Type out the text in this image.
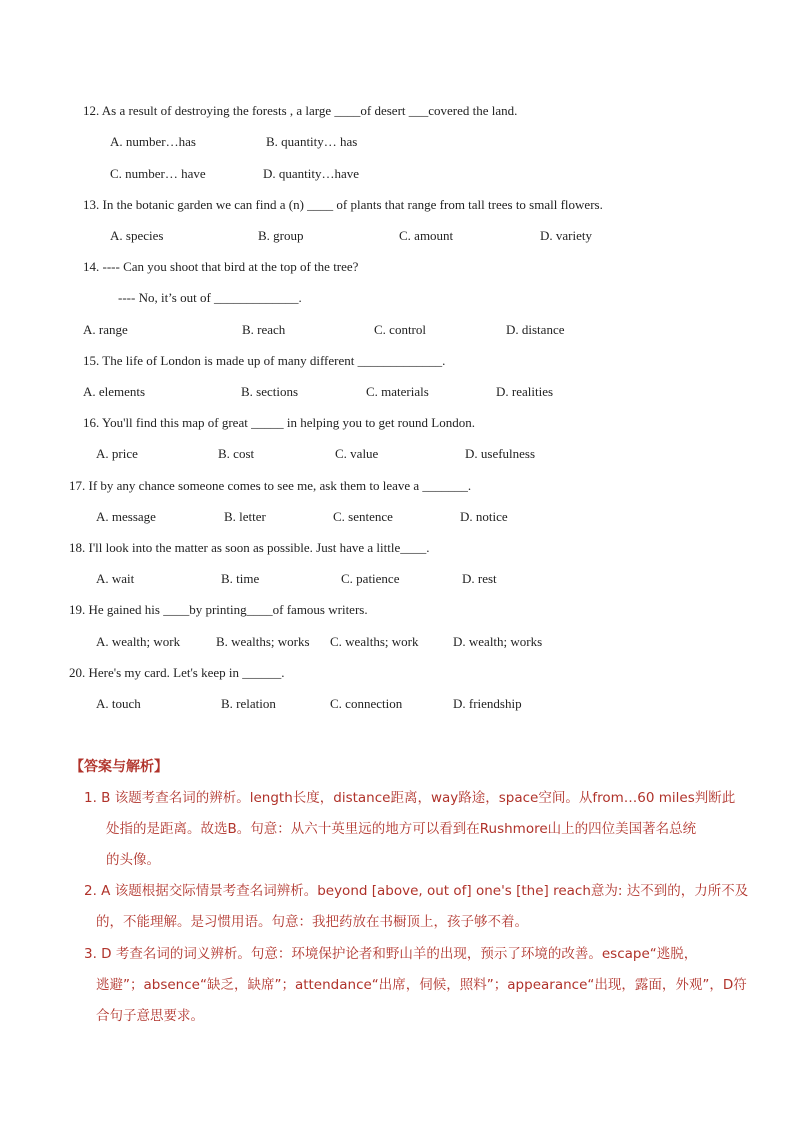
12. As a result of destroying the forests , a large ____of desert ___covered the land.
A. number…has	B. quantity… has
C. number… have	D. quantity…have
13. In the botanic garden we can find a (n) ____ of plants that range from tall trees to small flowers.
A. species	B. group	C. amount	D. variety
14. ---- Can you shoot that bird at the top of the tree?
---- No, it’s out of _____________.
A. range	B. reach	C. control	D. distance
15. The life of London is made up of many different _____________.
A. elements	B. sections	C. materials	D. realities
16. You'll find this map of great _____ in helping you to get round London.
A. price	B. cost	C. value	D. usefulness
17. If by any chance someone comes to see me, ask them to leave a _______.
A. message	B. letter	C. sentence	D. notice
18. I'll look into the matter as soon as possible. Just have a little____.
A. wait	B. time	C. patience	D. rest
19. He gained his ____by printing____of famous writers.
A. wealth; work	B. wealths; works C. wealths; work	D. wealth; works
20. Here's my card. Let's keep in ______.
A. touch	B. relation	C. connection	D. friendship
【答案与解析】
1. B 该题考查名词的辨析。length长度，distance距离，way路途，space空间。从from…60 miles判断此
处指的是距离。故选B。句意：从六十英里远的地方可以看到在Rushmore山上的四位美国著名总统
的头像。
2. A 该题根据交际情景考查名词辨析。beyond [above, out of] one's [the] reach意为: 达不到的，力所不及
的，不能理解。是习惯用语。句意：我把药放在书橱顶上，孩子够不着。
3. D 考查名词的词义辨析。句意：环境保护论者和野山羊的出现，预示了环境的改善。escape“逃脱，
逃避”；absence“缺乏，缺席”；attendance“出席，伺候，照料”；appearance“出现，露面，外观”，D符
合句子意思要求。
